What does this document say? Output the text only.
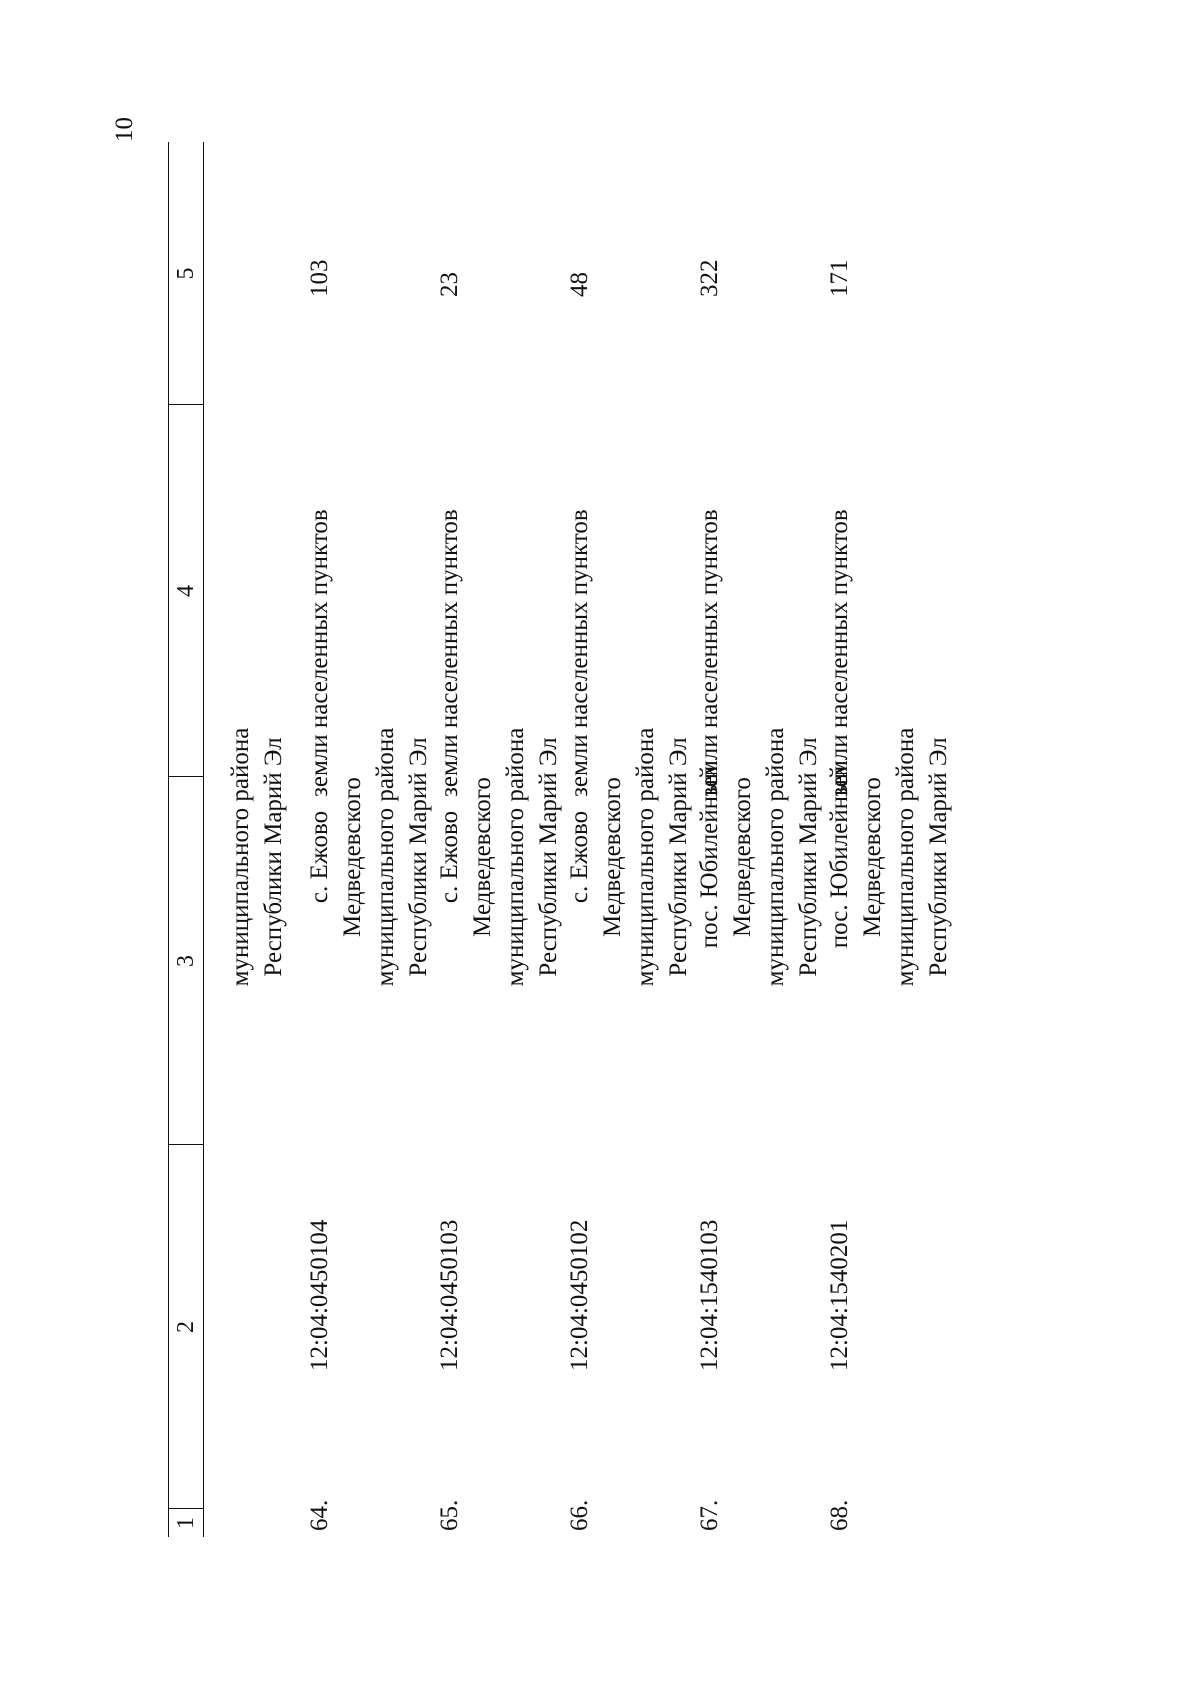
10
1
2
3
4
5
муниципального района Республики Марий Эл
64.
12:04:0450104
с. Ежово Медведевского муниципального района Республики Марий Эл
земли населенных пунктов
103
65.
12:04:0450103
с. Ежово Медведевского муниципального района Республики Марий Эл
земли населенных пунктов
23
66.
12:04:0450102
с. Ежово Медведевского муниципального района Республики Марий Эл
земли населенных пунктов
48
67.
12:04:1540103
пос. Юбилейный Медведевского муниципального района Республики Марий Эл
земли населенных пунктов
322
68.
12:04:1540201
пос. Юбилейный Медведевского муниципального района Республики Марий Эл
земли населенных пунктов
171
